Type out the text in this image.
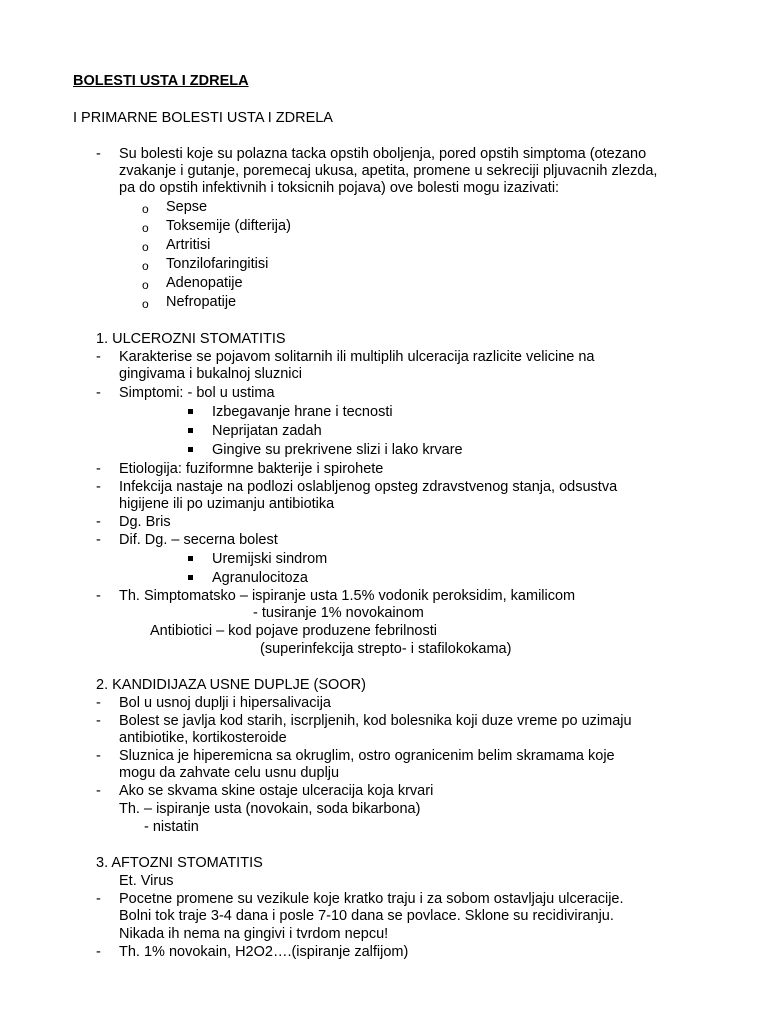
BOLESTI USTA I ZDRELA
I PRIMARNE BOLESTI USTA I ZDRELA
- Su bolesti koje su polazna tacka opstih oboljenja, pored opstih simptoma (otezano
zvakanje i gutanje, poremecaj ukusa, apetita, promene u sekreciji pljuvacnih zlezda,
pa do opstih infektivnih i toksicnih pojava) ove bolesti mogu izazivati:
o Sepse
o Toksemije (difterija)
o Artritisi
o Tonzilofaringitisi
o Adenopatije
o Nefropatije
1. ULCEROZNI STOMATITIS
- Karakterise se pojavom solitarnih ili multiplih ulceracija razlicite velicine na
gingivama i bukalnoj sluznici
- Simptomi: - bol u ustima
Izbegavanje hrane i tecnosti
Neprijatan zadah
Gingive su prekrivene slizi i lako krvare
- Etiologija: fuziformne bakterije i spirohete
- Infekcija nastaje na podlozi oslabljenog opsteg zdravstvenog stanja, odsustva
higijene ili po uzimanju antibiotika
- Dg. Bris
- Dif. Dg. – secerna bolest
Uremijski sindrom
Agranulocitoza
- Th. Simptomatsko – ispiranje usta 1.5% vodonik peroksidim, kamilicom
- tusiranje 1% novokainom
Antibiotici – kod pojave produzene febrilnosti
(superinfekcija strepto- i stafilokokama)
2. KANDIDIJAZA USNE DUPLJE (SOOR)
- Bol u usnoj duplji i hipersalivacija
- Bolest se javlja kod starih, iscrpljenih, kod bolesnika koji duze vreme po uzimaju
antibiotike, kortikosteroide
- Sluznica je hiperemicna sa okruglim, ostro ogranicenim belim skramama koje
mogu da zahvate celu usnu duplju
- Ako se skvama skine ostaje ulceracija koja krvari
Th. – ispiranje usta (novokain, soda bikarbona)
- nistatin
3. AFTOZNI STOMATITIS
Et. Virus
- Pocetne promene su vezikule koje kratko traju i za sobom ostavljaju ulceracije.
Bolni tok traje 3-4 dana i posle 7-10 dana se povlace. Sklone su recidiviranju.
Nikada ih nema na gingivi i tvrdom nepcu!
- Th. 1% novokain, H2O2….(ispiranje zalfijom)
